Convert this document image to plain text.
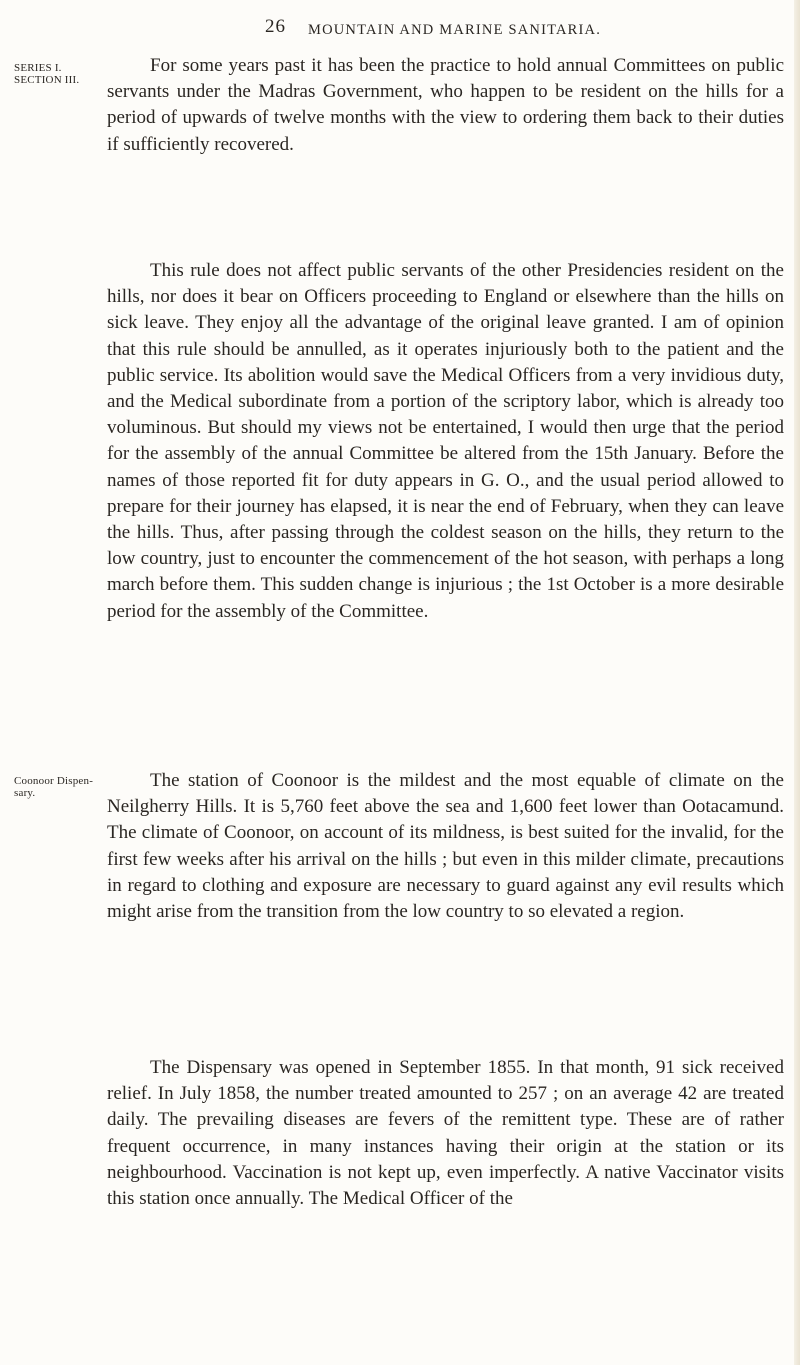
26 MOUNTAIN AND MARINE SANITARIA.
SERIES I.
SECTION III.
Coonoor Dispen-
sary.

For some years past it has been the practice to hold annual Committees on public servants under the Madras Government, who happen to be resident on the hills for a period of upwards of twelve months with the view to ordering them back to their duties if sufficiently recovered.

This rule does not affect public servants of the other Presidencies resident on the hills, nor does it bear on Officers proceeding to England or elsewhere than the hills on sick leave. They enjoy all the advantage of the original leave granted. I am of opinion that this rule should be annulled, as it operates injuriously both to the patient and the public service. Its abolition would save the Medical Officers from a very invidious duty, and the Medical subordinate from a portion of the scriptory labor, which is already too voluminous. But should my views not be entertained, I would then urge that the period for the assembly of the annual Committee be altered from the 15th January. Before the names of those reported fit for duty appears in G. O., and the usual period allowed to prepare for their journey has elapsed, it is near the end of February, when they can leave the hills. Thus, after passing through the coldest season on the hills, they return to the low country, just to encounter the commencement of the hot season, with perhaps a long march before them. This sudden change is injurious ; the 1st October is a more desirable period for the assembly of the Committee.

The station of Coonoor is the mildest and the most equable of climate on the Neilgherry Hills. It is 5,760 feet above the sea and 1,600 feet lower than Ootacamund. The climate of Coonoor, on account of its mildness, is best suited for the invalid, for the first few weeks after his arrival on the hills ; but even in this milder climate, precautions in regard to clothing and exposure are necessary to guard against any evil results which might arise from the transition from the low country to so elevated a region.

The Dispensary was opened in September 1855. In that month, 91 sick received relief. In July 1858, the number treated amounted to 257 ; on an average 42 are treated daily. The prevailing diseases are fevers of the remittent type. These are of rather frequent occurrence, in many instances having their origin at the station or its neighbourhood. Vaccination is not kept up, even imperfectly. A native Vaccinator visits this station once annually. The Medical Officer of the
